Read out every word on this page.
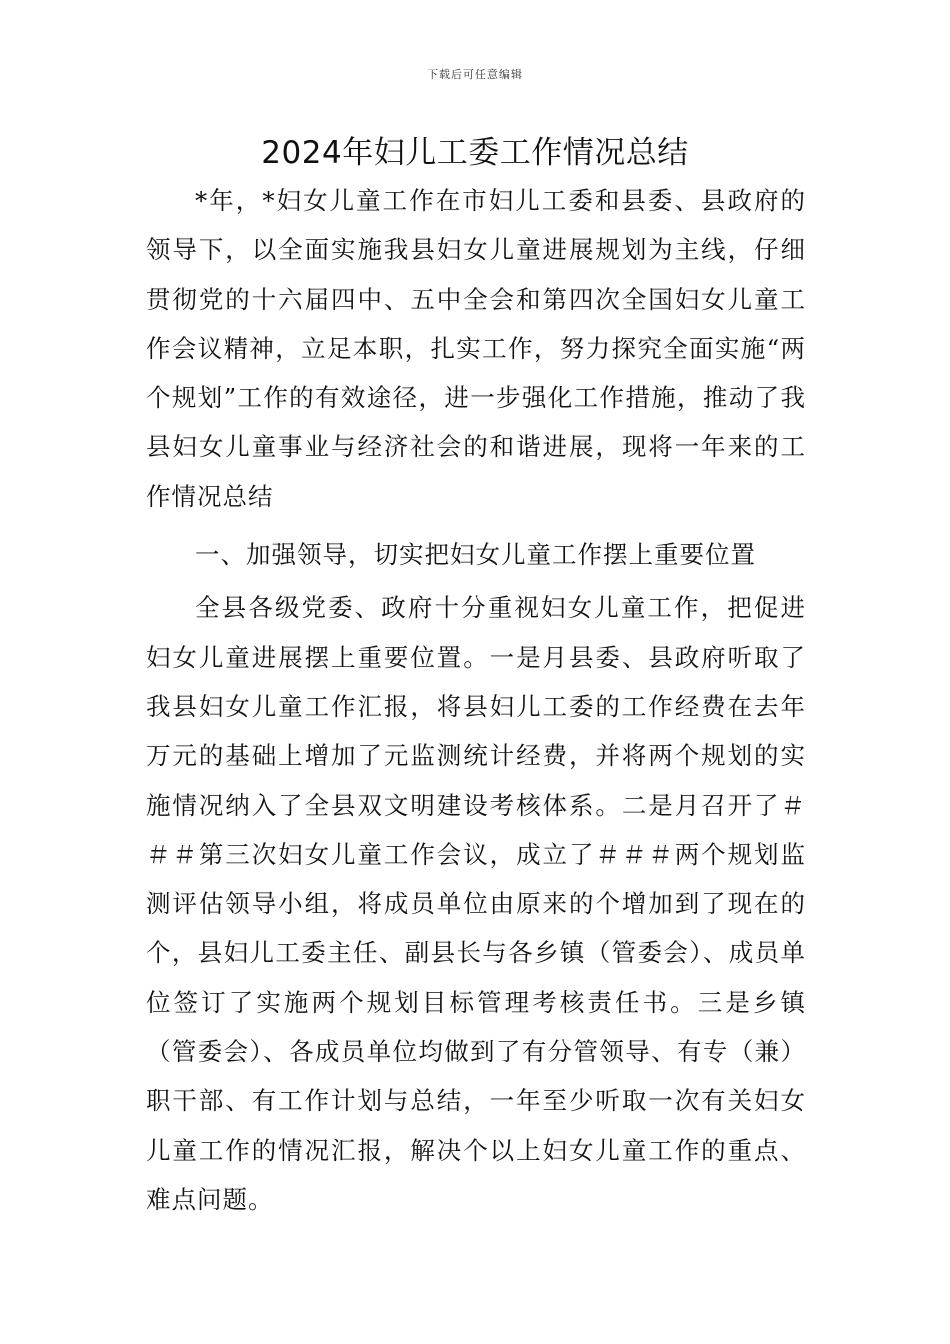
下载后可任意编辑
2024年妇儿工委工作情况总结

*年，*妇女儿童工作在市妇儿工委和县委、县政府的领导下，以全面实施我县妇女儿童进展规划为主线，仔细贯彻党的十六届四中、五中全会和第四次全国妇女儿童工作会议精神，立足本职，扎实工作，努力探究全面实施“两个规划”工作的有效途径，进一步强化工作措施，推动了我县妇女儿童事业与经济社会的和谐进展，现将一年来的工作情况总结

一、加强领导，切实把妇女儿童工作摆上重要位置

全县各级党委、政府十分重视妇女儿童工作，把促进妇女儿童进展摆上重要位置。一是月县委、县政府听取了我县妇女儿童工作汇报，将县妇儿工委的工作经费在去年万元的基础上增加了元监测统计经费，并将两个规划的实施情况纳入了全县双文明建设考核体系。二是月召开了＃＃＃第三次妇女儿童工作会议，成立了＃＃＃两个规划监测评估领导小组，将成员单位由原来的个增加到了现在的个，县妇儿工委主任、副县长与各乡镇（管委会）、成员单位签订了实施两个规划目标管理考核责任书。三是乡镇（管委会）、各成员单位均做到了有分管领导、有专（兼）职干部、有工作计划与总结，一年至少听取一次有关妇女儿童工作的情况汇报，解决个以上妇女儿童工作的重点、难点问题。
